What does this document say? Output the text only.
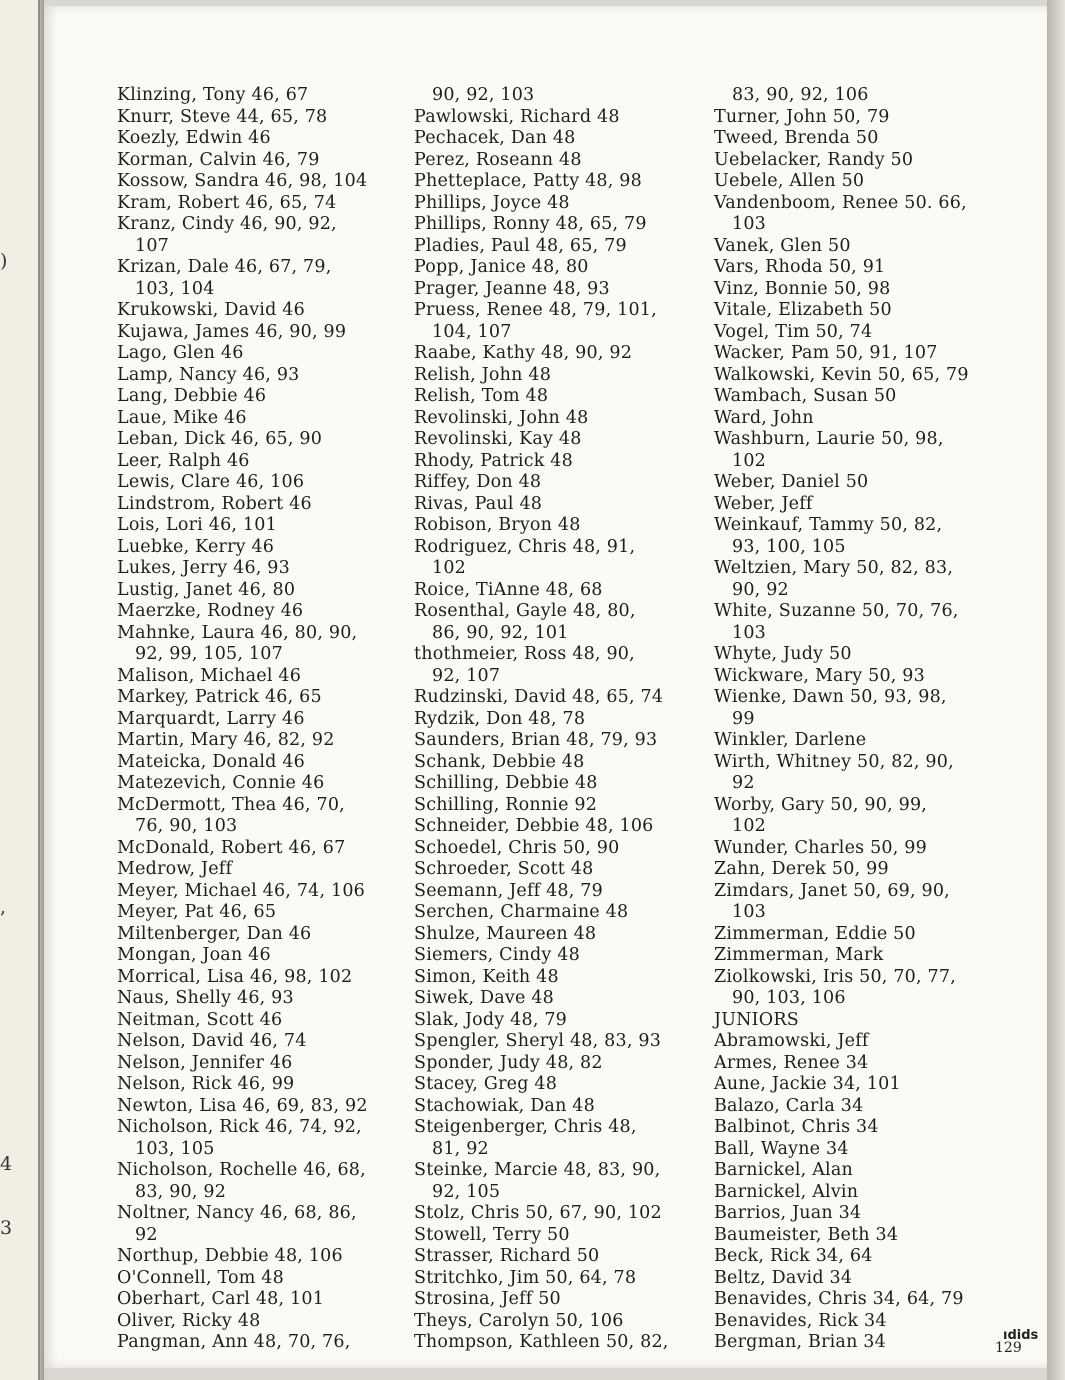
)
,
4
3
Klinzing, Tony 46, 67
Knurr, Steve 44, 65, 78
Koezly, Edwin 46
Korman, Calvin 46, 79
Kossow, Sandra 46, 98, 104
Kram, Robert 46, 65, 74
Kranz, Cindy 46, 90, 92,
107
Krizan, Dale 46, 67, 79,
103, 104
Krukowski, David 46
Kujawa, James 46, 90, 99
Lago, Glen 46
Lamp, Nancy 46, 93
Lang, Debbie 46
Laue, Mike 46
Leban, Dick 46, 65, 90
Leer, Ralph 46
Lewis, Clare 46, 106
Lindstrom, Robert 46
Lois, Lori 46, 101
Luebke, Kerry 46
Lukes, Jerry 46, 93
Lustig, Janet 46, 80
Maerzke, Rodney 46
Mahnke, Laura 46, 80, 90,
92, 99, 105, 107
Malison, Michael 46
Markey, Patrick 46, 65
Marquardt, Larry 46
Martin, Mary 46, 82, 92
Mateicka, Donald 46
Matezevich, Connie 46
McDermott, Thea 46, 70,
76, 90, 103
McDonald, Robert 46, 67
Medrow, Jeff
Meyer, Michael 46, 74, 106
Meyer, Pat 46, 65
Miltenberger, Dan 46
Mongan, Joan 46
Morrical, Lisa 46, 98, 102
Naus, Shelly 46, 93
Neitman, Scott 46
Nelson, David 46, 74
Nelson, Jennifer 46
Nelson, Rick 46, 99
Newton, Lisa 46, 69, 83, 92
Nicholson, Rick 46, 74, 92,
103, 105
Nicholson, Rochelle 46, 68,
83, 90, 92
Noltner, Nancy 46, 68, 86,
92
Northup, Debbie 48, 106
O'Connell, Tom 48
Oberhart, Carl 48, 101
Oliver, Ricky 48
Pangman, Ann 48, 70, 76,
90, 92, 103
Pawlowski, Richard 48
Pechacek, Dan 48
Perez, Roseann 48
Phetteplace, Patty 48, 98
Phillips, Joyce 48
Phillips, Ronny 48, 65, 79
Pladies, Paul 48, 65, 79
Popp, Janice 48, 80
Prager, Jeanne 48, 93
Pruess, Renee 48, 79, 101,
104, 107
Raabe, Kathy 48, 90, 92
Relish, John 48
Relish, Tom 48
Revolinski, John 48
Revolinski, Kay 48
Rhody, Patrick 48
Riffey, Don 48
Rivas, Paul 48
Robison, Bryon 48
Rodriguez, Chris 48, 91,
102
Roice, TiAnne 48, 68
Rosenthal, Gayle 48, 80,
86, 90, 92, 101
thothmeier, Ross 48, 90,
92, 107
Rudzinski, David 48, 65, 74
Rydzik, Don 48, 78
Saunders, Brian 48, 79, 93
Schank, Debbie 48
Schilling, Debbie 48
Schilling, Ronnie 92
Schneider, Debbie 48, 106
Schoedel, Chris 50, 90
Schroeder, Scott 48
Seemann, Jeff 48, 79
Serchen, Charmaine 48
Shulze, Maureen 48
Siemers, Cindy 48
Simon, Keith 48
Siwek, Dave 48
Slak, Jody 48, 79
Spengler, Sheryl 48, 83, 93
Sponder, Judy 48, 82
Stacey, Greg 48
Stachowiak, Dan 48
Steigenberger, Chris 48,
81, 92
Steinke, Marcie 48, 83, 90,
92, 105
Stolz, Chris 50, 67, 90, 102
Stowell, Terry 50
Strasser, Richard 50
Stritchko, Jim 50, 64, 78
Strosina, Jeff 50
Theys, Carolyn 50, 106
Thompson, Kathleen 50, 82,
83, 90, 92, 106
Turner, John 50, 79
Tweed, Brenda 50
Uebelacker, Randy 50
Uebele, Allen 50
Vandenboom, Renee 50. 66,
103
Vanek, Glen 50
Vars, Rhoda 50, 91
Vinz, Bonnie 50, 98
Vitale, Elizabeth 50
Vogel, Tim 50, 74
Wacker, Pam 50, 91, 107
Walkowski, Kevin 50, 65, 79
Wambach, Susan 50
Ward, John
Washburn, Laurie 50, 98,
102
Weber, Daniel 50
Weber, Jeff
Weinkauf, Tammy 50, 82,
93, 100, 105
Weltzien, Mary 50, 82, 83,
90, 92
White, Suzanne 50, 70, 76,
103
Whyte, Judy 50
Wickware, Mary 50, 93
Wienke, Dawn 50, 93, 98,
99
Winkler, Darlene
Wirth, Whitney 50, 82, 90,
92
Worby, Gary 50, 90, 99,
102
Wunder, Charles 50, 99
Zahn, Derek 50, 99
Zimdars, Janet 50, 69, 90,
103
Zimmerman, Eddie 50
Zimmerman, Mark
Ziolkowski, Iris 50, 70, 77,
90, 103, 106
JUNIORS
Abramowski, Jeff
Armes, Renee 34
Aune, Jackie 34, 101
Balazo, Carla 34
Balbinot, Chris 34
Ball, Wayne 34
Barnickel, Alan
Barnickel, Alvin
Barrios, Juan 34
Baumeister, Beth 34
Beck, Rick 34, 64
Beltz, David 34
Benavides, Chris 34, 64, 79
Benavides, Rick 34
Bergman, Brian 34	129
ıdids
